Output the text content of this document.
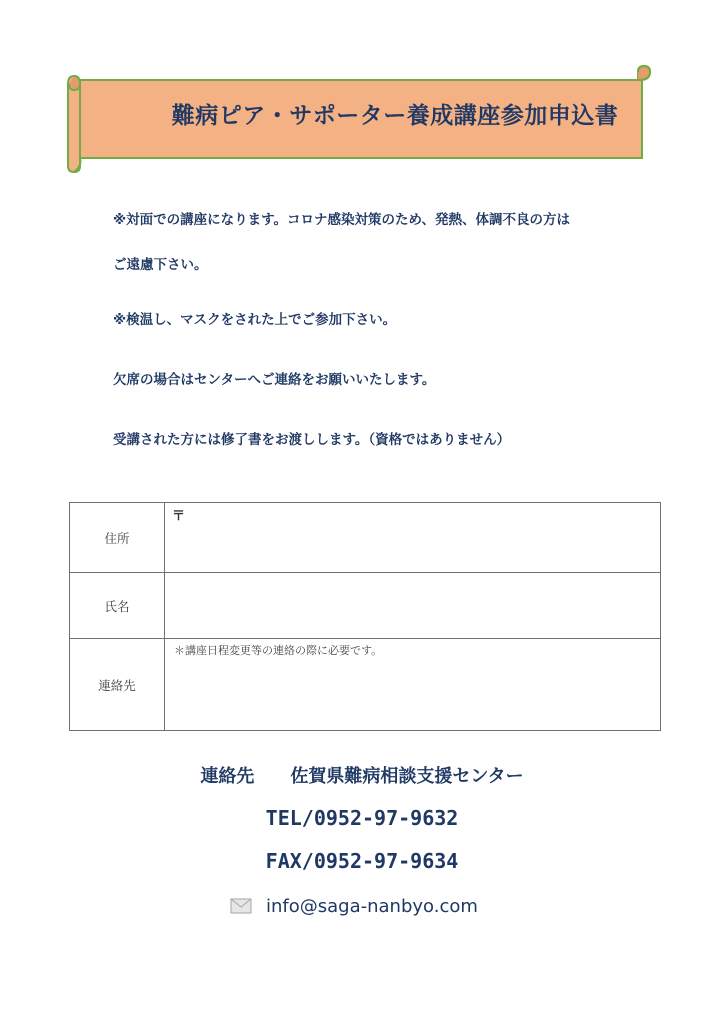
難病ピア・サポーター養成講座参加申込書
※対面での講座になります。コロナ感染対策のため、発熱、体調不良の方は
ご遠慮下さい。
※検温し、マスクをされた上でご参加下さい。
欠席の場合はセンターへご連絡をお願いいたします。
受講された方には修了書をお渡しします。（資格ではありません）
住所	〒

氏名	
連絡先	＊講座日程変更等の連絡の際に必要です。
連絡先 佐賀県難病相談支援センター
TEL/0952-97-9632
FAX/0952-97-9634
info@saga-nanbyo.com
